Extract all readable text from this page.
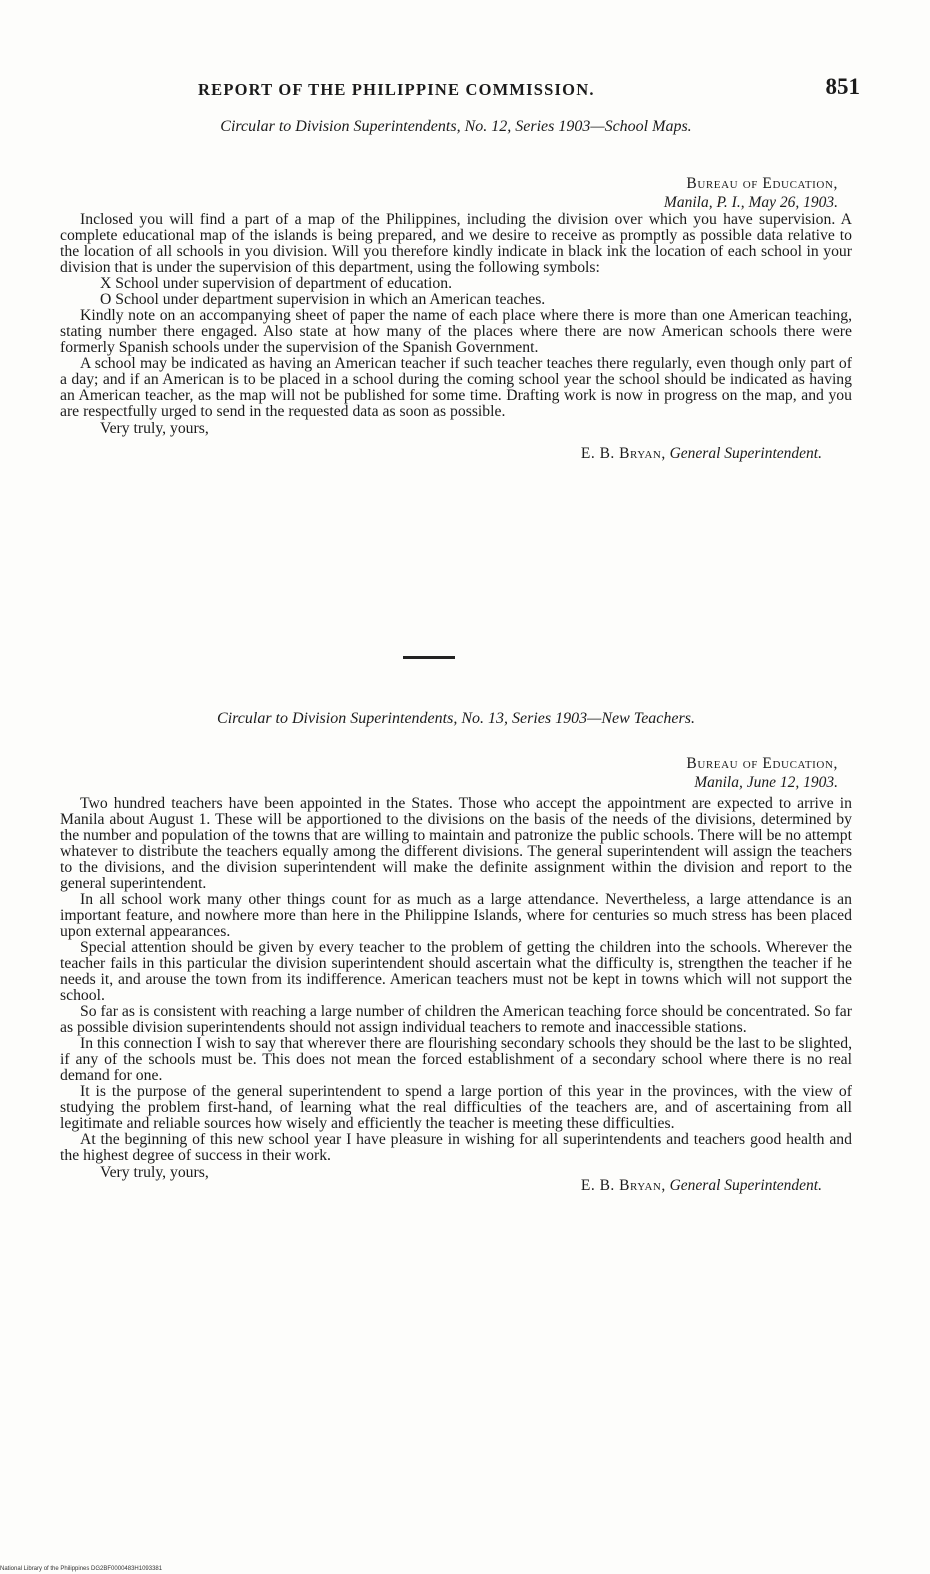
REPORT OF THE PHILIPPINE COMMISSION.	851

Circular to Division Superintendents, No. 12, Series 1903—School Maps.

Bureau of Education,
Manila, P. I., May 26, 1903.

Inclosed you will find a part of a map of the Philippines, including the division over which you have supervision. A complete educational map of the islands is being prepared, and we desire to receive as promptly as possible data relative to the location of all schools in you division. Will you therefore kindly indicate in black ink the location of each school in your division that is under the supervision of this department, using the following symbols:

X School under supervision of department of education.

O School under department supervision in which an American teaches.

Kindly note on an accompanying sheet of paper the name of each place where there is more than one American teaching, stating number there engaged. Also state at how many of the places where there are now American schools there were formerly Spanish schools under the supervision of the Spanish Government.

A school may be indicated as having an American teacher if such teacher teaches there regularly, even though only part of a day; and if an American is to be placed in a school during the coming school year the school should be indicated as having an American teacher, as the map will not be published for some time. Drafting work is now in progress on the map, and you are respectfully urged to send in the requested data as soon as possible.

Very truly, yours,

E. B. Bryan, General Superintendent.

Circular to Division Superintendents, No. 13, Series 1903—New Teachers.

Bureau of Education,
Manila, June 12, 1903.

Two hundred teachers have been appointed in the States. Those who accept the appointment are expected to arrive in Manila about August 1. These will be apportioned to the divisions on the basis of the needs of the divisions, determined by the number and population of the towns that are willing to maintain and patronize the public schools. There will be no attempt whatever to distribute the teachers equally among the different divisions. The general superintendent will assign the teachers to the divisions, and the division superintendent will make the definite assignment within the division and report to the general superintendent.

In all school work many other things count for as much as a large attendance. Nevertheless, a large attendance is an important feature, and nowhere more than here in the Philippine Islands, where for centuries so much stress has been placed upon external appearances.

Special attention should be given by every teacher to the problem of getting the children into the schools. Wherever the teacher fails in this particular the division superintendent should ascertain what the difficulty is, strengthen the teacher if he needs it, and arouse the town from its indifference. American teachers must not be kept in towns which will not support the school.

So far as is consistent with reaching a large number of children the American teaching force should be concentrated. So far as possible division superintendents should not assign individual teachers to remote and inaccessible stations.

In this connection I wish to say that wherever there are flourishing secondary schools they should be the last to be slighted, if any of the schools must be. This does not mean the forced establishment of a secondary school where there is no real demand for one.

It is the purpose of the general superintendent to spend a large portion of this year in the provinces, with the view of studying the problem first-hand, of learning what the real difficulties of the teachers are, and of ascertaining from all legitimate and reliable sources how wisely and efficiently the teacher is meeting these difficulties.

At the beginning of this new school year I have pleasure in wishing for all superintendents and teachers good health and the highest degree of success in their work.

Very truly, yours,

E. B. Bryan, General Superintendent.

National Library of the Philippines DG2BF0000483H1093381
